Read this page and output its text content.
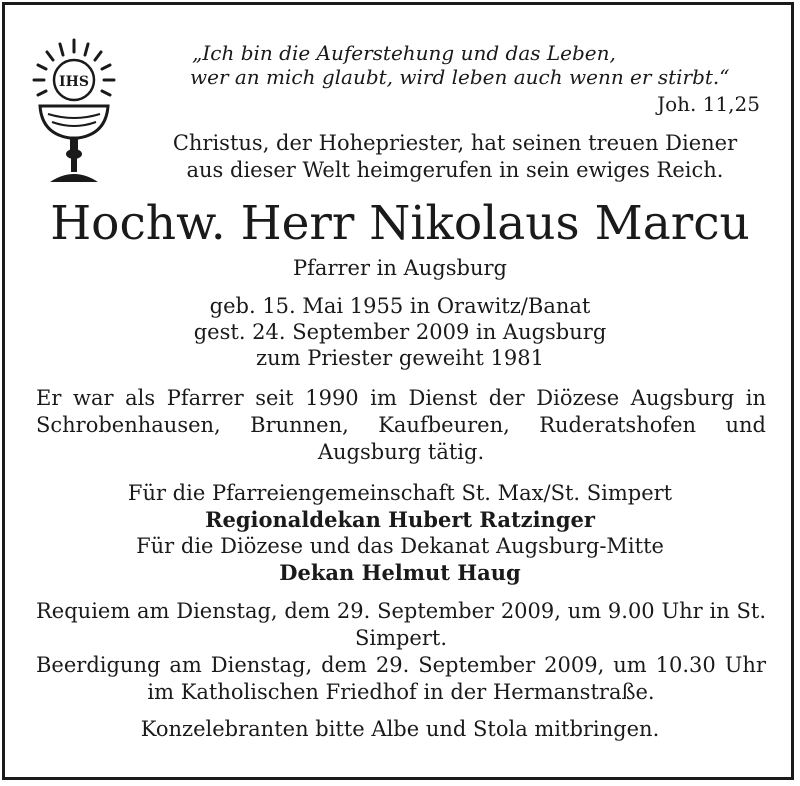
IHS
„Ich bin die Auferstehung und das Leben,
wer an mich glaubt, wird leben auch wenn er stirbt.“
Joh. 11,25
Christus, der Hohepriester, hat seinen treuen Diener
aus dieser Welt heimgerufen in sein ewiges Reich.
Hochw. Herr Nikolaus Marcu
Pfarrer in Augsburg
geb. 15. Mai 1955 in Orawitz/Banat
gest. 24. September 2009 in Augsburg
zum Priester geweiht 1981
Er war als Pfarrer seit 1990 im Dienst der Diözese Augsburg in Schrobenhausen, Brunnen, Kaufbeuren, Ruderatshofen und Augsburg tätig.
Für die Pfarreiengemeinschaft St. Max/St. Simpert
Regionaldekan Hubert Ratzinger
Für die Diözese und das Dekanat Augsburg-Mitte
Dekan Helmut Haug
Requiem am Dienstag, dem 29. September 2009, um 9.00 Uhr in St. Simpert.
Beerdigung am Dienstag, dem 29. September 2009, um 10.30 Uhr im Katholischen Friedhof in der Hermanstraße.
Konzelebranten bitte Albe und Stola mitbringen.
